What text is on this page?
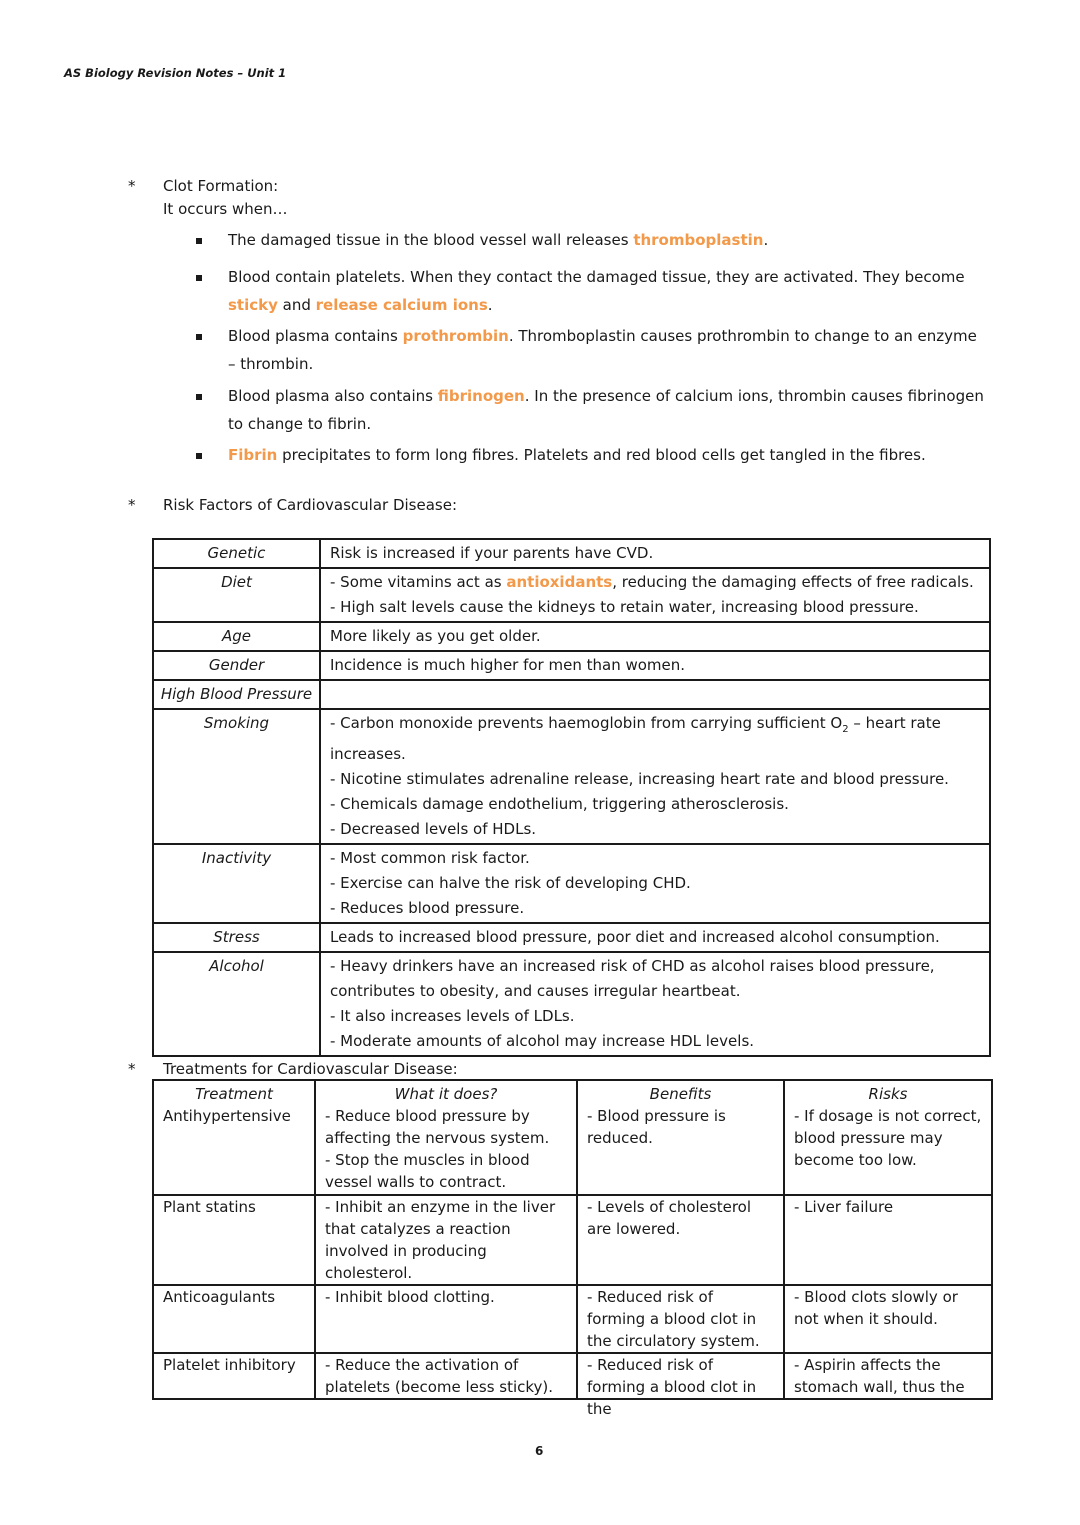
AS Biology Revision Notes – Unit 1
* Clot Formation:
It occurs when…
The damaged tissue in the blood vessel wall releases thromboplastin.
Blood contain platelets. When they contact the damaged tissue, they are activated. They become sticky and release calcium ions.
Blood plasma contains prothrombin. Thromboplastin causes prothrombin to change to an enzyme – thrombin.
Blood plasma also contains fibrinogen. In the presence of calcium ions, thrombin causes fibrinogen to change to fibrin.
Fibrin precipitates to form long fibres. Platelets and red blood cells get tangled in the fibres.
* Risk Factors of Cardiovascular Disease:
Genetic	Risk is increased if your parents have CVD.
Diet	- Some vitamins act as antioxidants, reducing the damaging effects of free radicals.
- High salt levels cause the kidneys to retain water, increasing blood pressure.

Age	More likely as you get older.
Gender	Incidence is much higher for men than women.
High Blood Pressure	
Smoking	- Carbon monoxide prevents haemoglobin from carrying sufficient $O_2$ – heart rate increases.
- Nicotine stimulates adrenaline release, increasing heart rate and blood pressure.
- Chemicals damage endothelium, triggering atherosclerosis.
- Decreased levels of HDLs.

Inactivity	- Most common risk factor.
- Exercise can halve the risk of developing CHD.
- Reduces blood pressure.

Stress	Leads to increased blood pressure, poor diet and increased alcohol consumption.
Alcohol	- Heavy drinkers have an increased risk of CHD as alcohol raises blood pressure, contributes to obesity, and causes irregular heartbeat.
- It also increases levels of LDLs.
- Moderate amounts of alcohol may increase HDL levels.
* Treatments for Cardiovascular Disease:
Treatment	What it does?	Benefits	Risks
Antihypertensive	- Reduce blood pressure by affecting the nervous system.
- Stop the muscles in blood vessel walls to contract.	- Blood pressure is reduced.	- If dosage is not correct, blood pressure may become too low.
Plant statins	- Inhibit an enzyme in the liver that catalyzes a reaction involved in producing cholesterol.	- Levels of cholesterol are lowered.	- Liver failure
Anticoagulants	- Inhibit blood clotting.	- Reduced risk of forming a blood clot in the circulatory system.	- Blood clots slowly or not when it should.

Platelet inhibitory	- Reduce the activation of platelets (become less sticky).	- Reduced risk of forming a blood clot in the	- Aspirin affects the stomach wall, thus the
6
